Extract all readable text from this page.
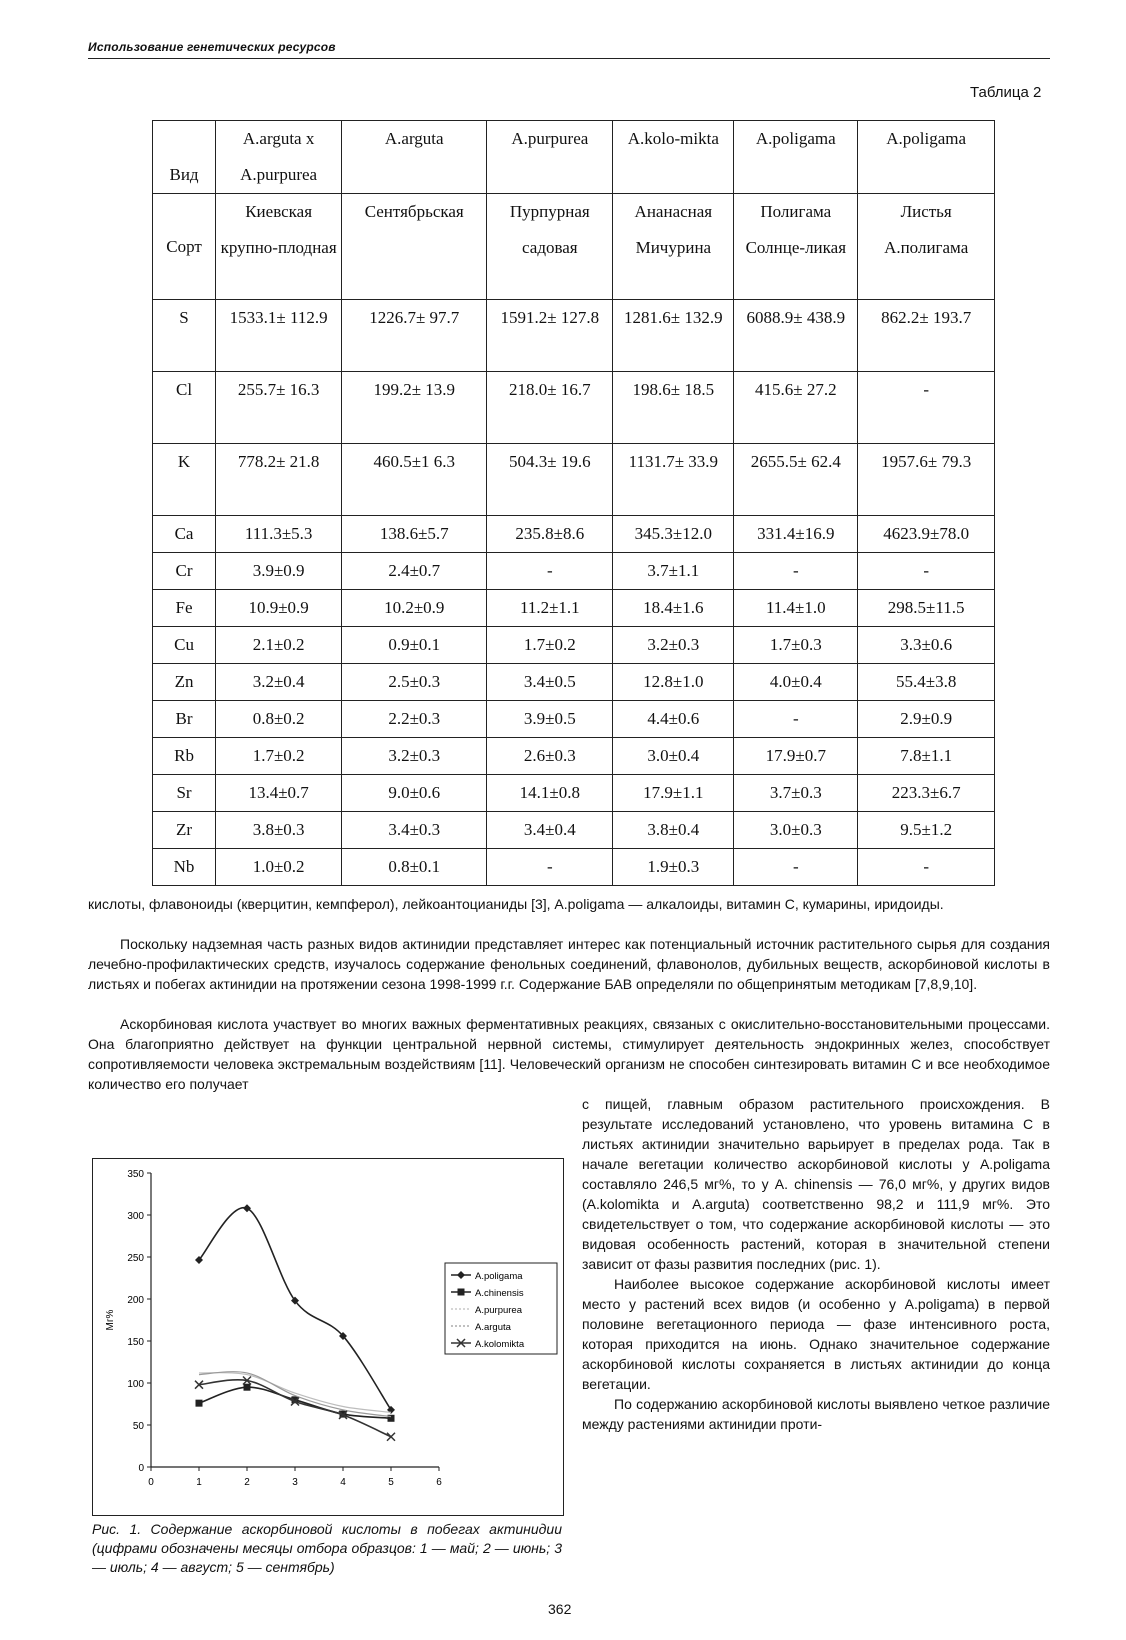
Использование генетических ресурсов
Таблица 2
Вид	A.arguta x A.purpurea	A.arguta	A.purpurea	A.kolo-mikta	A.poligama	A.poligama
Сорт	Киевская крупно-плодная	Сентябрьская	Пурпурная садовая	Ананасная Мичурина	Полигама Солнце-ликая	Листья А.полигама
S	1533.1± 112.9	1226.7± 97.7	1591.2± 127.8	1281.6± 132.9	6088.9± 438.9	862.2± 193.7
Cl	255.7± 16.3	199.2± 13.9	218.0± 16.7	198.6± 18.5	415.6± 27.2	-
K	778.2± 21.8	460.5±1 6.3	504.3± 19.6	1131.7± 33.9	2655.5± 62.4	1957.6± 79.3
Ca	111.3±5.3	138.6±5.7	235.8±8.6	345.3±12.0	331.4±16.9	4623.9±78.0
Cr	3.9±0.9	2.4±0.7	-	3.7±1.1	-	-
Fe	10.9±0.9	10.2±0.9	11.2±1.1	18.4±1.6	11.4±1.0	298.5±11.5
Cu	2.1±0.2	0.9±0.1	1.7±0.2	3.2±0.3	1.7±0.3	3.3±0.6
Zn	3.2±0.4	2.5±0.3	3.4±0.5	12.8±1.0	4.0±0.4	55.4±3.8
Br	0.8±0.2	2.2±0.3	3.9±0.5	4.4±0.6	-	2.9±0.9
Rb	1.7±0.2	3.2±0.3	2.6±0.3	3.0±0.4	17.9±0.7	7.8±1.1
Sr	13.4±0.7	9.0±0.6	14.1±0.8	17.9±1.1	3.7±0.3	223.3±6.7
Zr	3.8±0.3	3.4±0.3	3.4±0.4	3.8±0.4	3.0±0.3	9.5±1.2
Nb	1.0±0.2	0.8±0.1	-	1.9±0.3	-	-

кислоты, флавоноиды (кверцитин, кемпферол), лейкоантоцианиды [3], A.poligama — алкалоиды, витамин С, кумарины, иридоиды.

Поскольку надземная часть разных видов актинидии представляет интерес как потенциальный источник растительного сырья для создания лечебно-профилактических средств, изучалось содержание фенольных соединений, флавонолов, дубильных веществ, аскорбиновой кислоты в листьях и побегах актинидии на протяжении сезона 1998-1999 г.г. Содержание БАВ определяли по общепринятым методикам [7,8,9,10].

Аскорбиновая кислота участвует во многих важных ферментативных реакциях, связаных с окислительно-восстановительными процессами. Она благоприятно действует на функции центральной нервной системы, стимулирует деятельность эндокринных желез, способствует сопротивляемости человека экстремальным воздействиям [11]. Человеческий организм не способен синтезировать витамин С и все необходимое количество его получает

с пищей, главным образом растительного происхождения. В результате исследований установлено, что уровень витамина С в листьях актинидии значительно варьирует в пределах рода. Так в начале вегетации количество аскорбиновой кислоты у A.poligama составляло 246,5 мг%, то у A. chinensis — 76,0 мг%, у других видов (A.kolomikta и A.arguta) соответственно 98,2 и 111,9 мг%. Это свидетельствует о том, что содержание аскорбиновой кислоты — это видовая особенность растений, которая в значительной степени зависит от фазы развития последних (рис. 1).

Наиболее высокое содержание аскорбиновой кислоты имеет место у растений всех видов (и особенно у A.poligama) в первой половине вегетационного периода — фазе интенсивного роста, которая приходится на июнь. Однако значительное содержание аскорбиновой кислоты сохраняется в листьях актинидии до конца вегетации.

По содержанию аскорбиновой кислоты выявлено четкое различие между растениями актинидии проти-

0
50
100
150
200
250
300
350
0	1	2	3	4	5	6
Мг%
A.poligama
A.chinensis
A.purpurea
A.arguta
A.kolomikta
Рис. 1. Содержание аскорбиновой кислоты в побегах актинидии (цифрами обозначены месяцы отбора образцов: 1 — май; 2 — июнь; 3 — июль; 4 — август; 5 — сентябрь)
362
